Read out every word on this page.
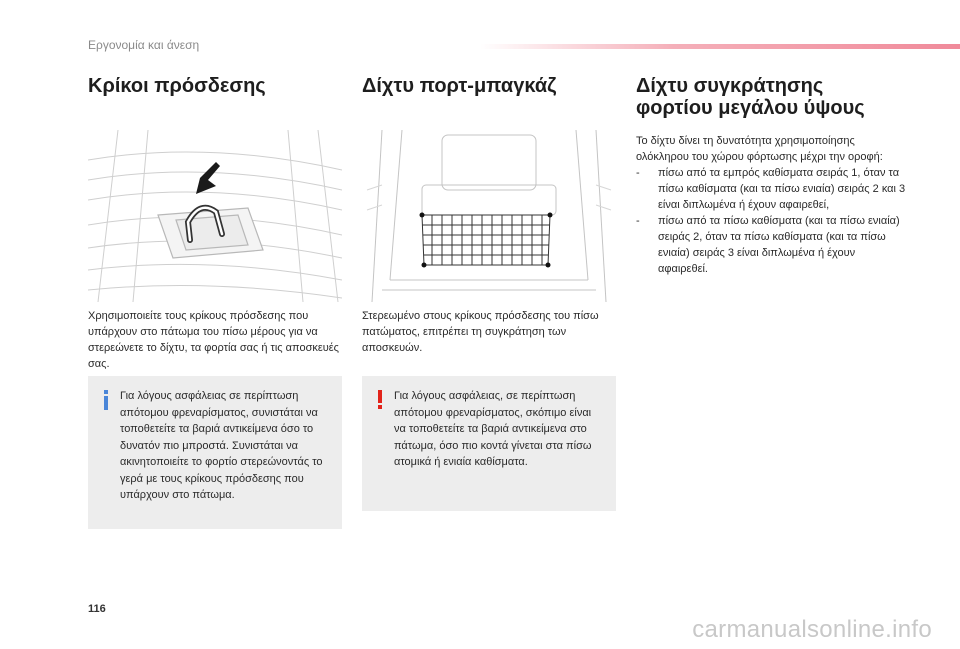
Εργονομία και άνεση
Κρίκοι πρόσδεσης
Χρησιμοποιείτε τους κρίκους πρόσδεσης που υπάρχουν στο πάτωμα του πίσω μέρους για να στερεώνετε το δίχτυ, τα φορτία σας ή τις αποσκευές σας.
Για λόγους ασφάλειας σε περίπτωση απότομου φρεναρίσματος, συνιστάται να τοποθετείτε τα βαριά αντικείμενα όσο το δυνατόν πιο μπροστά. Συνιστάται να ακινητοποιείτε το φορτίο στερεώνοντάς το γερά με τους κρίκους πρόσδεσης που υπάρχουν στο πάτωμα.
Δίχτυ πορτ-μπαγκάζ
Στερεωμένο στους κρίκους πρόσδεσης του πίσω πατώματος, επιτρέπει τη συγκράτηση των αποσκευών.
Για λόγους ασφάλειας, σε περίπτωση απότομου φρεναρίσματος, σκόπιμο είναι να τοποθετείτε τα βαριά αντικείμενα στο πάτωμα, όσο πιο κοντά γίνεται στα πίσω ατομικά ή ενιαία καθίσματα.
Δίχτυ συγκράτησης
φορτίου μεγάλου ύψους
Το δίχτυ δίνει τη δυνατότητα χρησιμοποίησης ολόκληρου του χώρου φόρτωσης μέχρι την οροφή:
-	πίσω από τα εμπρός καθίσματα σειράς 1, όταν τα πίσω καθίσματα (και τα πίσω ενιαία) σειράς 2 και 3 είναι διπλωμένα ή έχουν αφαιρεθεί,
-	πίσω από τα πίσω καθίσματα (και τα πίσω ενιαία) σειράς 2, όταν τα πίσω καθίσματα (και τα πίσω ενιαία) σειράς 3 είναι διπλωμένα ή έχουν αφαιρεθεί.
116
carmanualsonline.info
